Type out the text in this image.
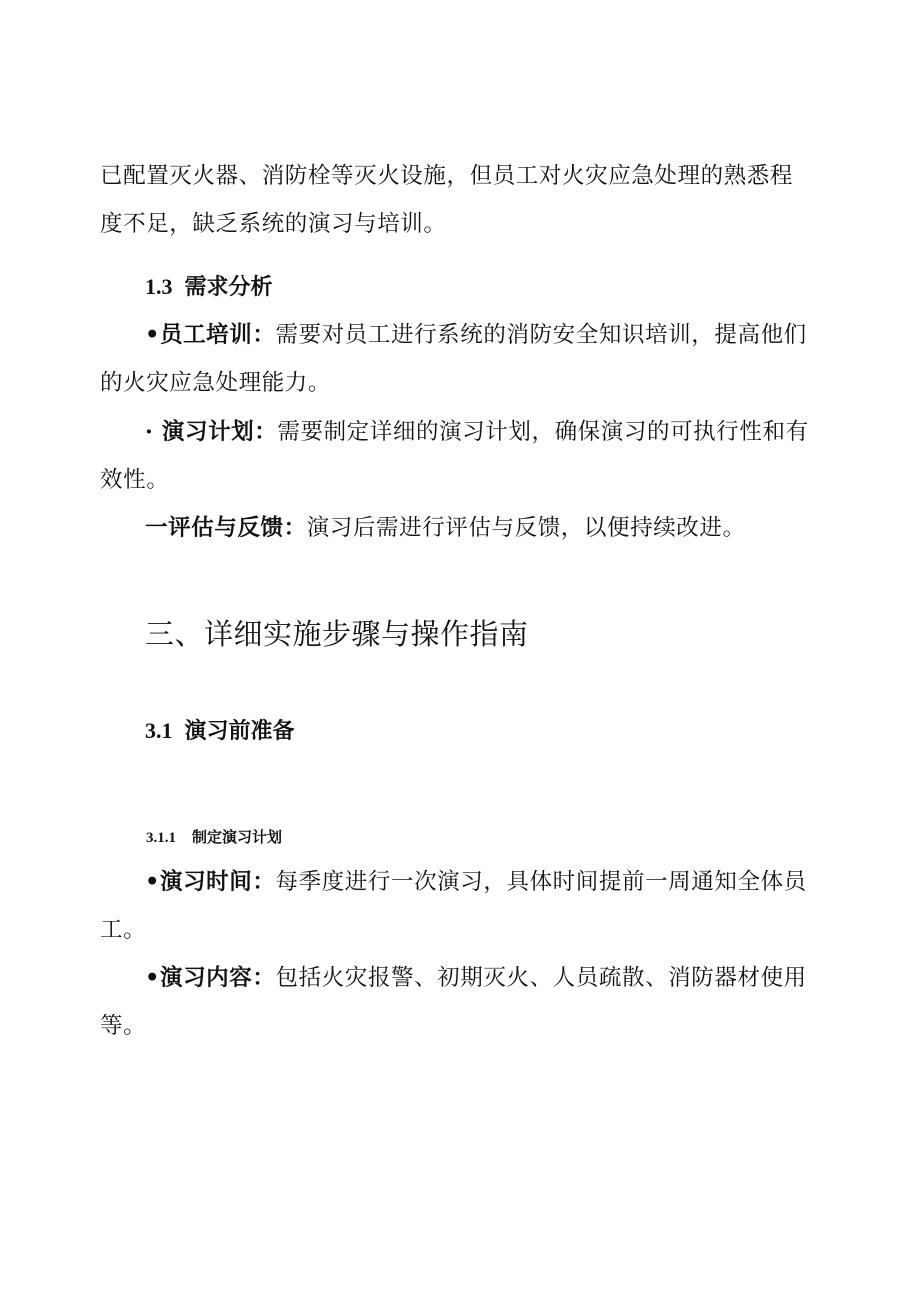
已配置灭火器、消防栓等灭火设施，但员工对火灾应急处理的熟悉程度不足，缺乏系统的演习与培训。

1.3 需求分析

•员工培训：需要对员工进行系统的消防安全知识培训，提高他们的火灾应急处理能力。

· 演习计划：需要制定详细的演习计划，确保演习的可执行性和有效性。

一评估与反馈：演习后需进行评估与反馈，以便持续改进。

三、详细实施步骤与操作指南
3.1 演习前准备
3.1.1 制定演习计划

•演习时间：每季度进行一次演习，具体时间提前一周通知全体员工。

•演习内容：包括火灾报警、初期灭火、人员疏散、消防器材使用等。
